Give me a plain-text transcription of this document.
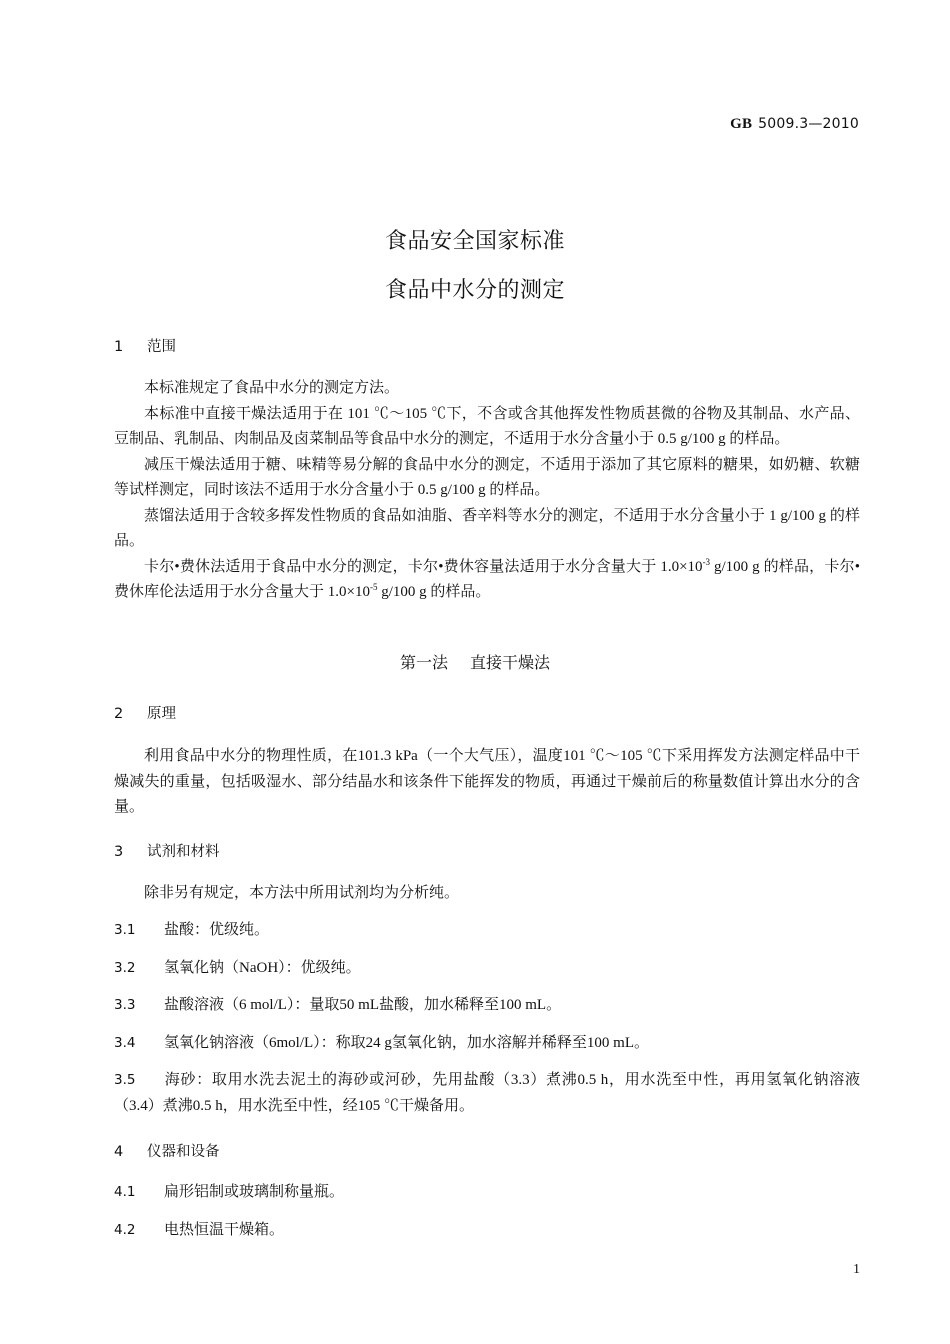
GB 5009.3—2010
食品安全国家标准
食品中水分的测定
1 范围

本标准规定了食品中水分的测定方法。

本标准中直接干燥法适用于在 101 ℃～105 ℃下，不含或含其他挥发性物质甚微的谷物及其制品、水产品、豆制品、乳制品、肉制品及卤菜制品等食品中水分的测定，不适用于水分含量小于 0.5 g/100 g 的样品。

减压干燥法适用于糖、味精等易分解的食品中水分的测定，不适用于添加了其它原料的糖果，如奶糖、软糖等试样测定，同时该法不适用于水分含量小于 0.5 g/100 g 的样品。

蒸馏法适用于含较多挥发性物质的食品如油脂、香辛料等水分的测定，不适用于水分含量小于 1 g/100 g 的样品。

卡尔•费休法适用于食品中水分的测定，卡尔•费休容量法适用于水分含量大于 $1.0\times 10^{-3}$ g/100 g 的样品，卡尔•费休库伦法适用于水分含量大于 $1.0\times 10^{-5}$ g/100 g 的样品。

第一法 直接干燥法
2 原理

利用食品中水分的物理性质，在101.3 kPa（一个大气压），温度101 ℃～105 ℃下采用挥发方法测定样品中干燥减失的重量，包括吸湿水、部分结晶水和该条件下能挥发的物质，再通过干燥前后的称量数值计算出水分的含量。

3 试剂和材料

除非另有规定，本方法中所用试剂均为分析纯。

3.1 盐酸：优级纯。
3.2 氢氧化钠（NaOH）：优级纯。
3.3 盐酸溶液（6 mol/L）：量取50 mL盐酸，加水稀释至100 mL。
3.4 氢氧化钠溶液（6mol/L）：称取24 g氢氧化钠，加水溶解并稀释至100 mL。
3.5 海砂：取用水洗去泥土的海砂或河砂，先用盐酸（3.3）煮沸0.5 h，用水洗至中性，再用氢氧化钠溶液（3.4）煮沸0.5 h，用水洗至中性，经105 ℃干燥备用。
4 仪器和设备
4.1 扁形铝制或玻璃制称量瓶。
4.2 电热恒温干燥箱。
1
